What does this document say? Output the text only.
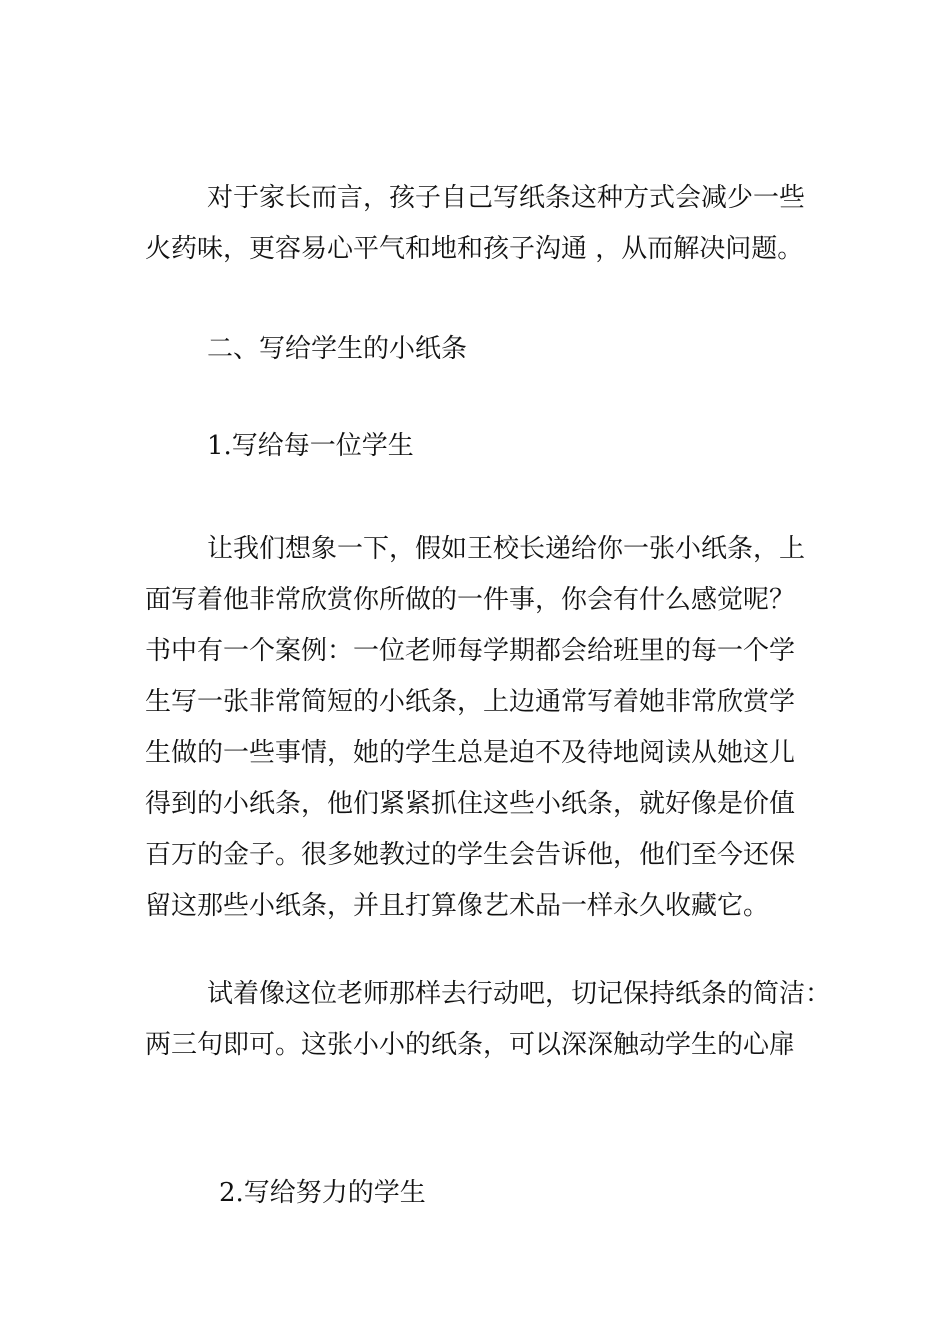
对于家长而言，孩子自己写纸条这种方式会减少一些
火药味，更容易心平气和地和孩子沟通 ，从而解决问题。
二、写给学生的小纸条
1.写给每一位学生
让我们想象一下，假如王校长递给你一张小纸条，上
面写着他非常欣赏你所做的一件事，你会有什么感觉呢？
书中有一个案例：一位老师每学期都会给班里的每一个学
生写一张非常简短的小纸条，上边通常写着她非常欣赏学
生做的一些事情，她的学生总是迫不及待地阅读从她这儿
得到的小纸条，他们紧紧抓住这些小纸条，就好像是价值
百万的金子。很多她教过的学生会告诉他，他们至今还保
留这那些小纸条，并且打算像艺术品一样永久收藏它。
试着像这位老师那样去行动吧，切记保持纸条的简洁：
两三句即可。这张小小的纸条，可以深深触动学生的心扉
2.写给努力的学生
